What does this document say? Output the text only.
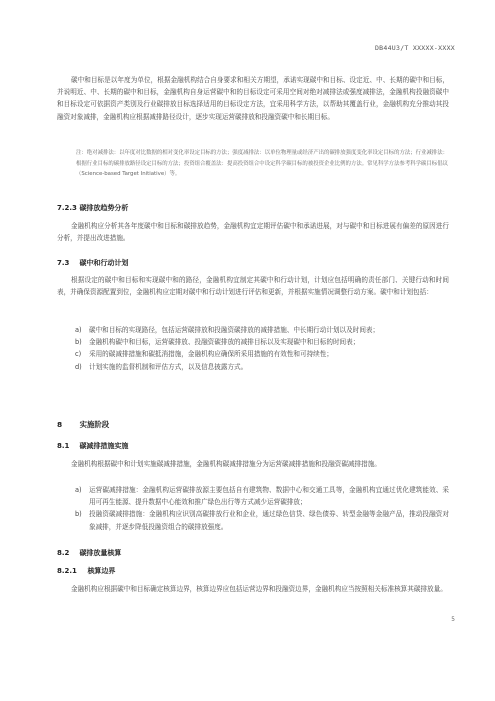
DB44U3/T XXXXX-XXXX
碳中和目标是以年度为单位，根据金融机构结合自身要求和相关方期望，承诺实现碳中和目标、设定近、中、长期的碳中和目标，并说明近、中、长期的碳中和目标，金融机构自身运营碳中和的目标设定可采用空间对绝对减排法或强度减排法，金融机构投融资碳中和目标设定可依据资产类别及行业碳排放目标选择适用的目标设定方法，宜采用科学方法，以帮助其覆盖行业，金融机构充分推动其投融资对象减排，金融机构应根据减排路径设计，逐步实现运营碳排放和投融资碳中和长期目标。
注：绝对减排法：以年度对比数据的相对变化率设定目标的方法；强度减排法：以单位物理量或经济产出的碳排放强度变化率设定目标的方法；行业减排法：根据行业目标的碳排放路径设定目标的方法；投资组合覆盖法：提高投资组合中设定科学碳目标的被投资企业比例的方法。常见科学方法参考科学碳目标倡议（Science-based Target Initiative）等。
7.2.3 碳排放趋势分析
金融机构应分析其各年度碳中和目标和碳排放趋势，金融机构宜定期评估碳中和承诺进展，对与碳中和目标进展有偏差的原因进行分析，并提出改进措施。
7.3 碳中和行动计划
根据设定的碳中和目标和实现碳中和的路径，金融机构宜制定其碳中和行动计划，计划应包括明确的责任部门、关键行动和时间表，并确保资源配置到位，金融机构应定期对碳中和行动计划进行评估和更新，并根据实施情况调整行动方案。碳中和计划包括：
a) 碳中和目标的实现路径，包括运营碳排放和投融资碳排放的减排措施、中长期行动计划以及时间表；
b) 金融机构碳中和目标，运营碳排放、投融资碳排放的减排目标以及实现碳中和目标的时间表；
c) 采用的碳减排措施和碳抵消措施，金融机构应确保所采用措施的有效性和可持续性；
d) 计划实施的监督机制和评估方式，以及信息披露方式。
8 实施阶段
8.1 碳减排措施实施
金融机构根据碳中和计划实施碳减排措施，金融机构碳减排措施分为运营碳减排措施和投融资碳减排措施。
a) 运营碳减排措施：金融机构运营碳排放源主要包括自有建筑物、数据中心和交通工具等，金融机构宜通过优化建筑能效、采用可再生能源、提升数据中心能效和推广绿色出行等方式减少运营碳排放；
b) 投融资碳减排措施：金融机构应识别高碳排放行业和企业，通过绿色信贷、绿色债券、转型金融等金融产品，推动投融资对象减排，并逐步降低投融资组合的碳排放强度。
8.2 碳排放量核算
8.2.1 核算边界
金融机构应根据碳中和目标确定核算边界，核算边界应包括运营边界和投融资边界，金融机构应当按照相关标准核算其碳排放量。
5
